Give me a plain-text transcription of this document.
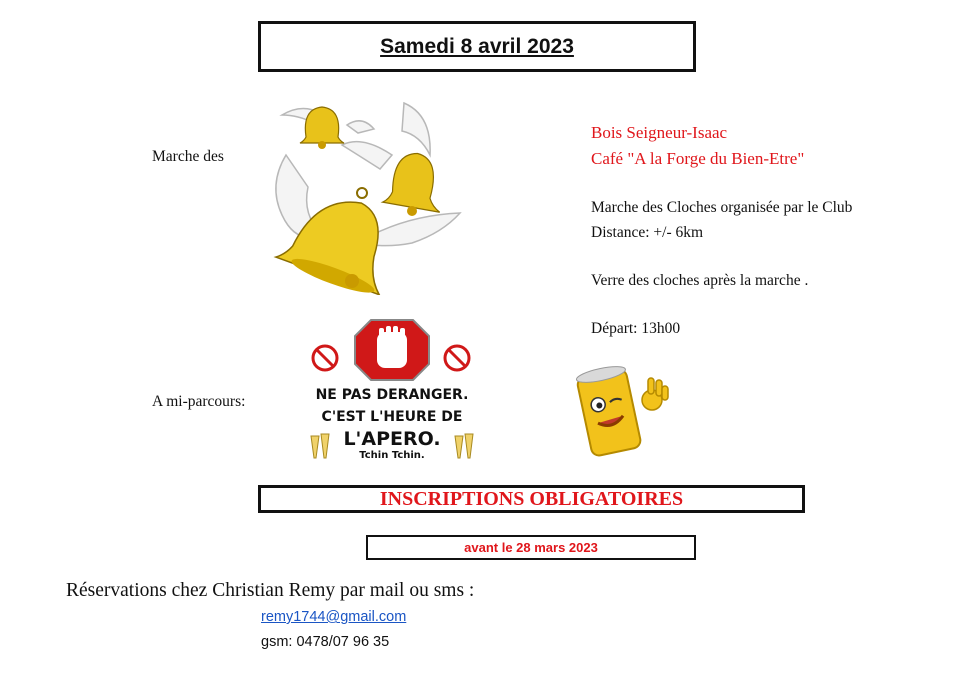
Samedi 8 avril 2023
Marche des
Bois Seigneur-Isaac
Café "A la Forge du Bien-Etre"
Marche des Cloches organisée par le Club
Distance: +/- 6km
Verre des cloches après la marche .
Départ: 13h00
A mi-parcours:	NE PAS DERANGER.
C'EST L'HEURE DE
L'APERO.
Tchin Tchin.
INSCRIPTIONS OBLIGATOIRES
avant le 28 mars 2023
Réservations chez Christian Remy par mail ou sms :
remy1744@gmail.com
gsm: 0478/07 96 35
